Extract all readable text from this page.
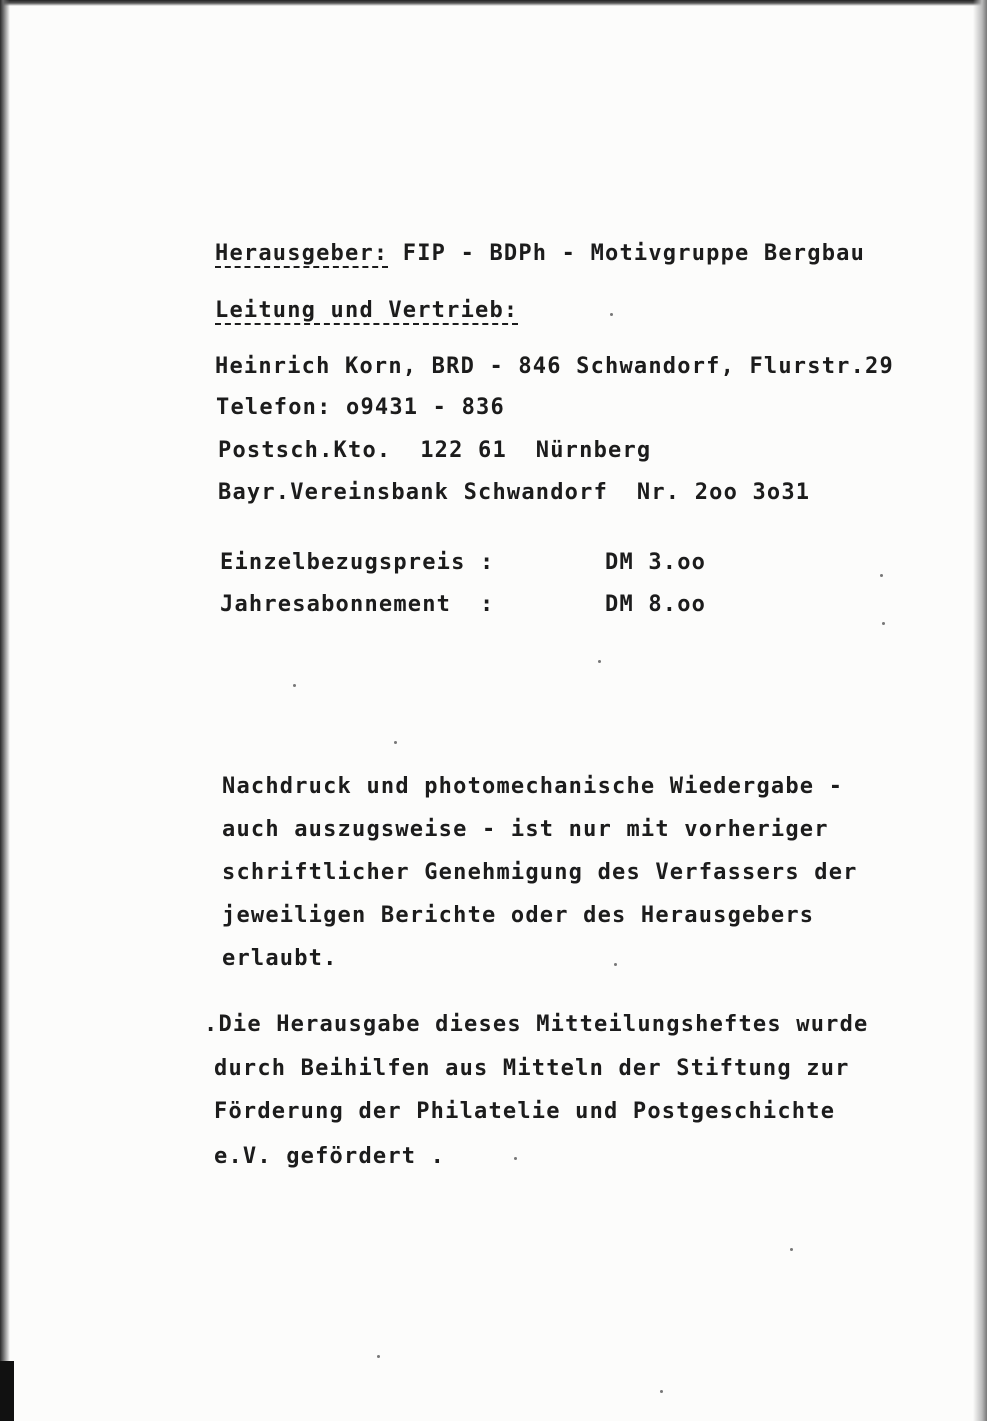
Herausgeber: FIP - BDPh - Motivgruppe Bergbau
Leitung und Vertrieb:
Heinrich Korn, BRD - 846 Schwandorf, Flurstr.29
Telefon: o9431 - 836
Postsch.Kto.  122 61  Nürnberg
Bayr.Vereinsbank Schwandorf  Nr. 2oo 3o31
Einzelbezugspreis :	DM 3.oo
Jahresabonnement  :	DM 8.oo
Nachdruck und photomechanische Wiedergabe -
auch auszugsweise - ist nur mit vorheriger
schriftlicher Genehmigung des Verfassers der
jeweiligen Berichte oder des Herausgebers
erlaubt.
.Die Herausgabe dieses Mitteilungsheftes wurde
durch Beihilfen aus Mitteln der Stiftung zur
Förderung der Philatelie und Postgeschichte
e.V. gefördert .
